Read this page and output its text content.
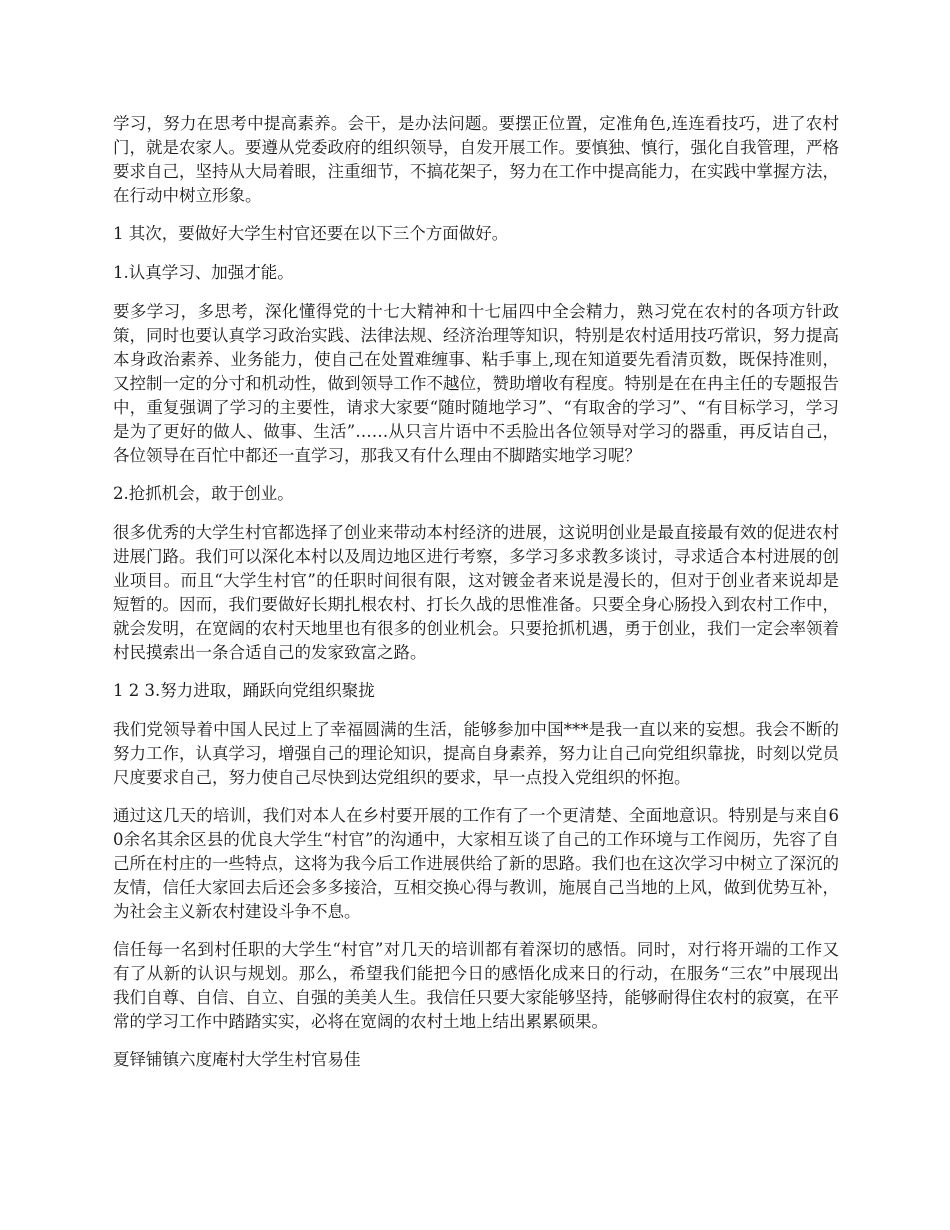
学习，努力在思考中提高素养。会干，是办法问题。要摆正位置，定准角色,连连看技巧，进了农村门，就是农家人。要遵从党委政府的组织领导，自发开展工作。要慎独、慎行，强化自我管理，严格要求自己，坚持从大局着眼，注重细节，不搞花架子，努力在工作中提高能力，在实践中掌握方法，在行动中树立形象。

1 其次，要做好大学生村官还要在以下三个方面做好。

1.认真学习、加强才能。

要多学习，多思考，深化懂得党的十七大精神和十七届四中全会精力，熟习党在农村的各项方针政策，同时也要认真学习政治实践、法律法规、经济治理等知识，特别是农村适用技巧常识，努力提高本身政治素养、业务能力，使自己在处置难缠事、粘手事上,现在知道要先看清页数，既保持准则，又控制一定的分寸和机动性，做到领导工作不越位，赞助增收有程度。特别是在在冉主任的专题报告中，重复强调了学习的主要性，请求大家要“随时随地学习”、“有取舍的学习”、“有目标学习，学习是为了更好的做人、做事、生活”……从只言片语中不丢脸出各位领导对学习的器重，再反诘自己，各位领导在百忙中都还一直学习，那我又有什么理由不脚踏实地学习呢？

2.抢抓机会，敢于创业。

很多优秀的大学生村官都选择了创业来带动本村经济的进展，这说明创业是最直接最有效的促进农村进展门路。我们可以深化本村以及周边地区进行考察，多学习多求教多谈讨，寻求适合本村进展的创业项目。而且“大学生村官”的任职时间很有限，这对镀金者来说是漫长的，但对于创业者来说却是短暂的。因而，我们要做好长期扎根农村、打长久战的思惟准备。只要全身心肠投入到农村工作中，就会发明，在宽阔的农村天地里也有很多的创业机会。只要抢抓机遇，勇于创业，我们一定会率领着村民摸索出一条合适自己的发家致富之路。

1 2 3.努力进取，踊跃向党组织聚拢

我们党领导着中国人民过上了幸福圆满的生活，能够参加中国***是我一直以来的妄想。我会不断的努力工作，认真学习，增强自己的理论知识，提高自身素养，努力让自己向党组织靠拢，时刻以党员尺度要求自己，努力使自己尽快到达党组织的要求，早一点投入党组织的怀抱。

通过这几天的培训，我们对本人在乡村要开展的工作有了一个更清楚、全面地意识。特别是与来自60余名其余区县的优良大学生“村官”的沟通中，大家相互谈了自己的工作环境与工作阅历，先容了自己所在村庄的一些特点，这将为我今后工作进展供给了新的思路。我们也在这次学习中树立了深沉的友情，信任大家回去后还会多多接洽，互相交换心得与教训，施展自己当地的上风，做到优势互补，为社会主义新农村建设斗争不息。

信任每一名到村任职的大学生“村官”对几天的培训都有着深切的感悟。同时，对行将开端的工作又有了从新的认识与规划。那么，希望我们能把今日的感悟化成来日的行动，在服务“三农”中展现出我们自尊、自信、自立、自强的美美人生。我信任只要大家能够坚持，能够耐得住农村的寂寞，在平常的学习工作中踏踏实实，必将在宽阔的农村土地上结出累累硕果。

夏铎铺镇六度庵村大学生村官易佳
